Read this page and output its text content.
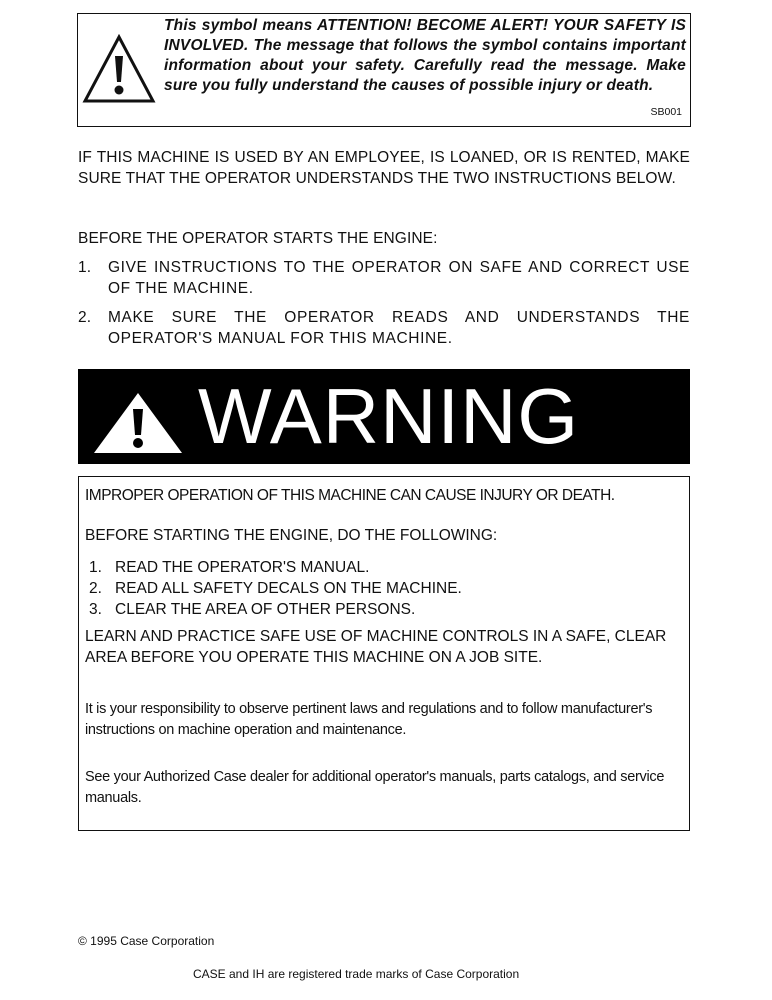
This symbol means ATTENTION! BECOME ALERT! YOUR SAFETY IS INVOLVED. The message that follows the symbol contains important information about your safety. Carefully read the message. Make sure you fully understand the causes of possible injury or death.
SB001
IF THIS MACHINE IS USED BY AN EMPLOYEE, IS LOANED, OR IS RENTED, MAKE SURE THAT THE OPERATOR UNDERSTANDS THE TWO INSTRUCTIONS BELOW.
BEFORE THE OPERATOR STARTS THE ENGINE:
1.	GIVE INSTRUCTIONS TO THE OPERATOR ON SAFE AND CORRECT USE OF THE MACHINE.
2.	MAKE SURE THE OPERATOR READS AND UNDERSTANDS THE OPERATOR'S MANUAL FOR THIS MACHINE.
WARNING
IMPROPER OPERATION OF THIS MACHINE CAN CAUSE INJURY OR DEATH.
BEFORE STARTING THE ENGINE, DO THE FOLLOWING:
1. READ THE OPERATOR'S MANUAL.
2. READ ALL SAFETY DECALS ON THE MACHINE.
3. CLEAR THE AREA OF OTHER PERSONS.
LEARN AND PRACTICE SAFE USE OF MACHINE CONTROLS IN A SAFE, CLEAR AREA BEFORE YOU OPERATE THIS MACHINE ON A JOB SITE.
It is your responsibility to observe pertinent laws and regulations and to follow manufacturer's instructions on machine operation and maintenance.
See your Authorized Case dealer for additional operator's manuals, parts catalogs, and service manuals.
© 1995 Case Corporation
CASE and IH are registered trade marks of Case Corporation
